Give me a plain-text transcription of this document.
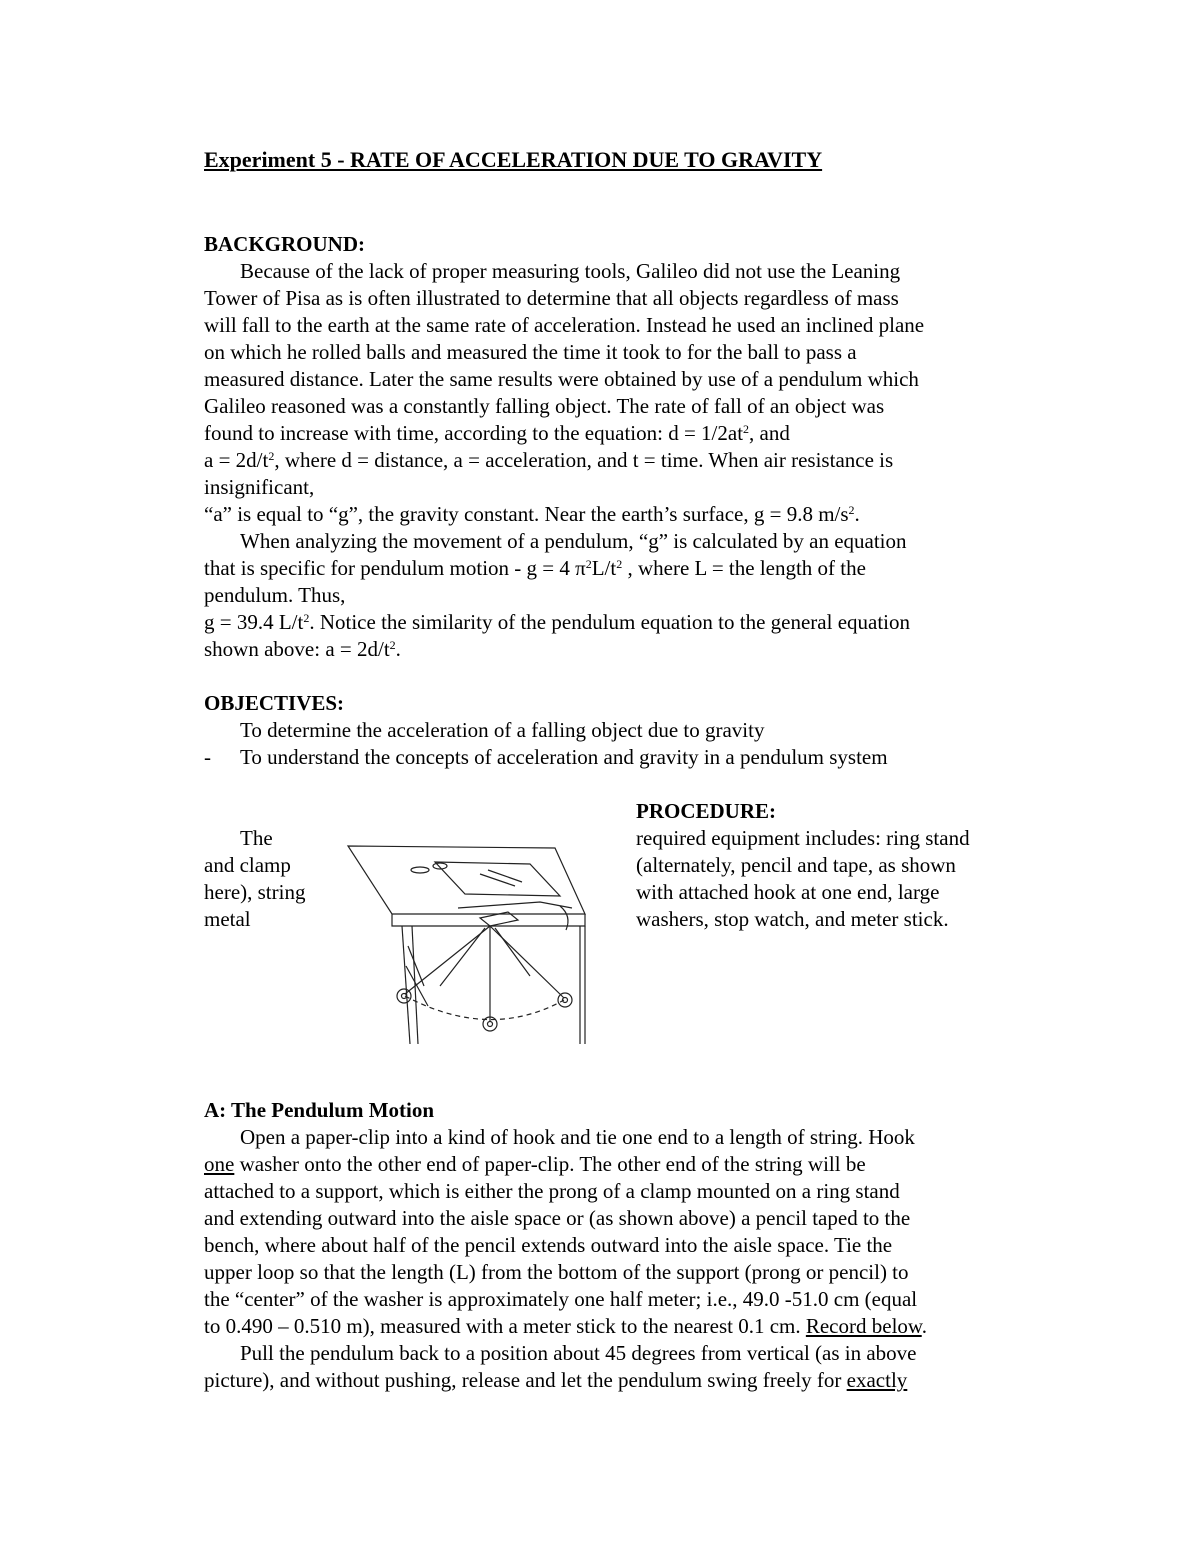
Experiment 5 - RATE OF ACCELERATION DUE TO GRAVITY
BACKGROUND:
Because of the lack of proper measuring tools, Galileo did not use the Leaning
Tower of Pisa as is often illustrated to determine that all objects regardless of mass
will fall to the earth at the same rate of acceleration. Instead he used an inclined plane
on which he rolled balls and measured the time it took to for the ball to pass a
measured distance. Later the same results were obtained by use of a pendulum which
Galileo reasoned was a constantly falling object. The rate of fall of an object was
found to increase with time, according to the equation: $d = 1/2at^2$, and
$a = 2d/t^2$, where d = distance, a = acceleration, and t = time. When air resistance is
insignificant,
“a” is equal to “g”, the gravity constant. Near the earth’s surface, g = 9.8 $m/s^2$.
When analyzing the movement of a pendulum, “g” is calculated by an equation
that is specific for pendulum motion - g = 4 $\pi^2L/t^2$ , where L = the length of the
pendulum. Thus,
g = 39.4 $L/t^2$. Notice the similarity of the pendulum equation to the general equation
shown above: $a = 2d/t^2$.
OBJECTIVES:
To determine the acceleration of a falling object due to gravity
- To understand the concepts of acceleration and gravity in a pendulum system
PROCEDURE:
The
and clamp
here), string
metal
required equipment includes: ring stand
(alternately, pencil and tape, as shown
with attached hook at one end, large
washers, stop watch, and meter stick.
A: The Pendulum Motion
Open a paper-clip into a kind of hook and tie one end to a length of string. Hook
one washer onto the other end of paper-clip. The other end of the string will be
attached to a support, which is either the prong of a clamp mounted on a ring stand
and extending outward into the aisle space or (as shown above) a pencil taped to the
bench, where about half of the pencil extends outward into the aisle space. Tie the
upper loop so that the length (L) from the bottom of the support (prong or pencil) to
the “center” of the washer is approximately one half meter; i.e., 49.0 -51.0 cm (equal
to 0.490 – 0.510 m), measured with a meter stick to the nearest 0.1 cm. Record below.
Pull the pendulum back to a position about 45 degrees from vertical (as in above
picture), and without pushing, release and let the pendulum swing freely for exactly
